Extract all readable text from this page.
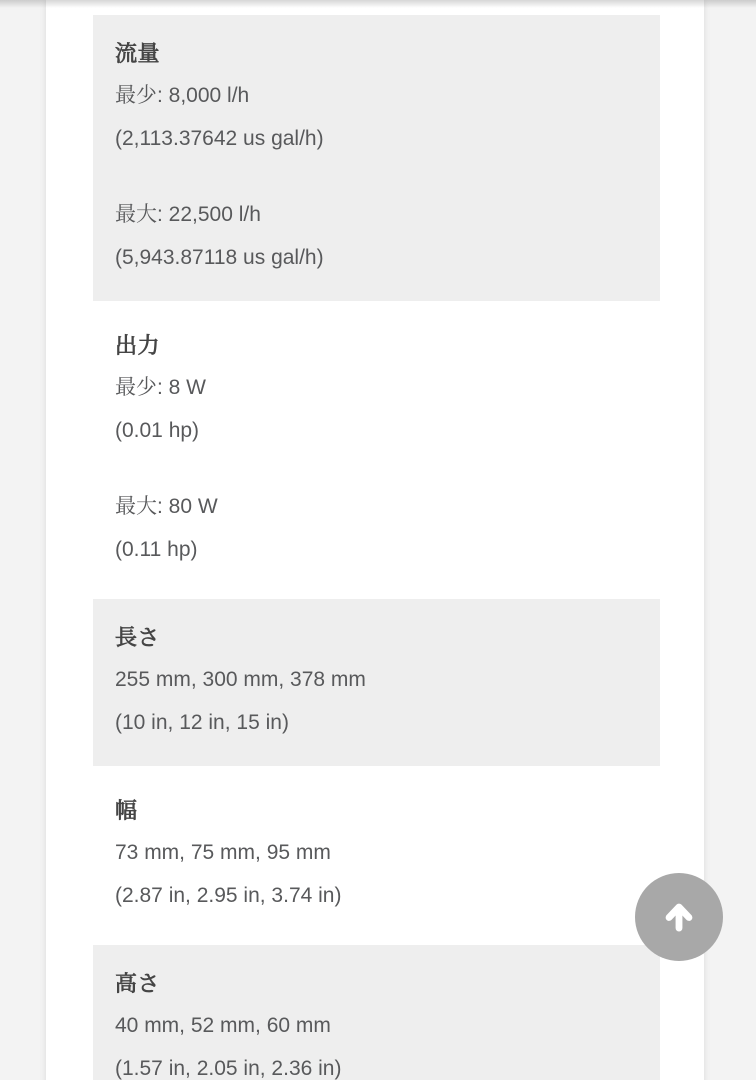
流量
最少: 8,000 l/h
(2,113.37642 us gal/h)
最大: 22,500 l/h
(5,943.87118 us gal/h)
出力
最少: 8 W
(0.01 hp)
最大: 80 W
(0.11 hp)
長さ
255 mm, 300 mm, 378 mm
(10 in, 12 in, 15 in)
幅
73 mm, 75 mm, 95 mm
(2.87 in, 2.95 in, 3.74 in)
高さ
40 mm, 52 mm, 60 mm
(1.57 in, 2.05 in, 2.36 in)
